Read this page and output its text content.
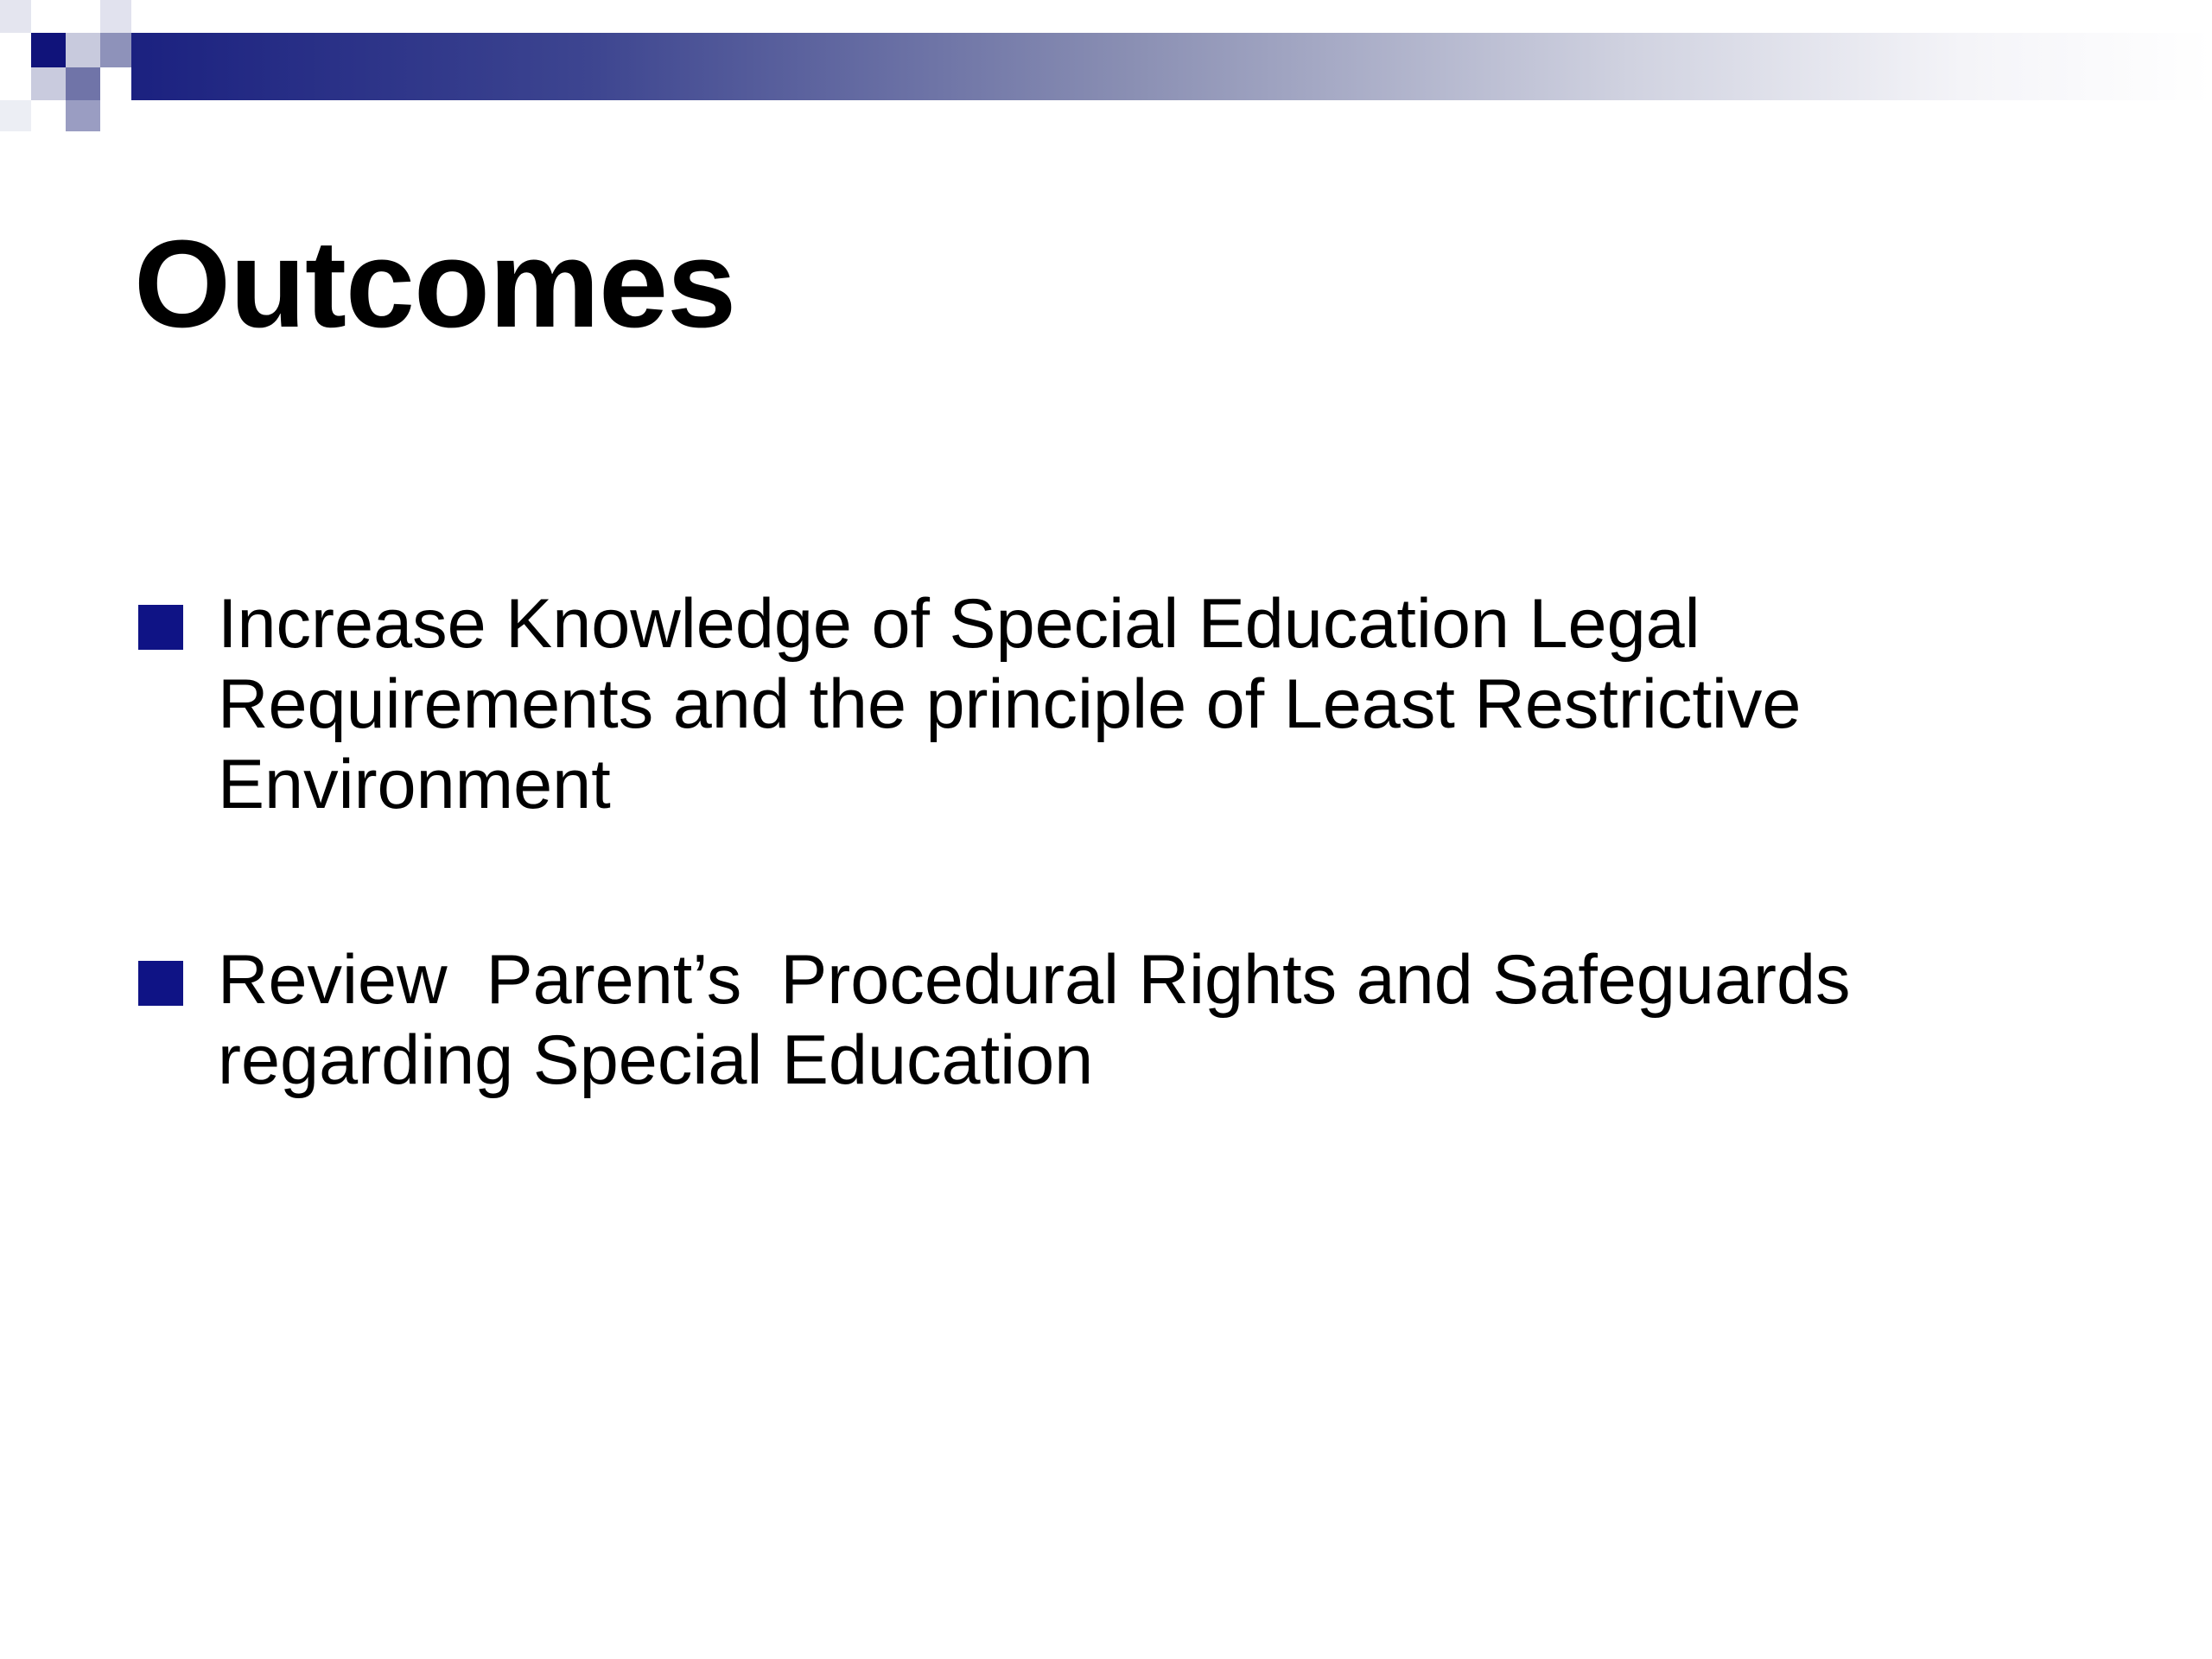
Outcomes
Increase Knowledge of Special Education Legal Requirements and the principle of Least Restrictive Environment
Review  Parent’s  Procedural Rights and Safeguards regarding Special Education
